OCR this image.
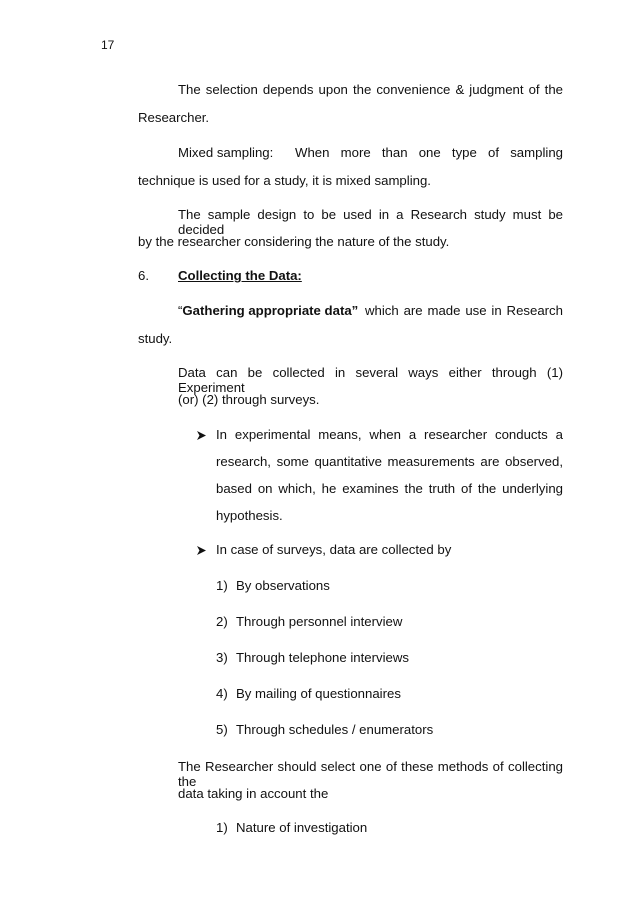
17
The selection depends upon the convenience & judgment of the
Researcher.
Mixed sampling: When more than one type of sampling
technique is used for a study, it is mixed sampling.
The sample design to be used in a Research study must be decided
by the researcher considering the nature of the study.
6. Collecting the Data:
“Gathering appropriate data” which are made use in Research
study.
Data can be collected in several ways either through (1) Experiment
(or) (2) through surveys.
In experimental means, when a researcher conducts a
research, some quantitative measurements are observed,
based on which, he examines the truth of the underlying
hypothesis.
In case of surveys, data are collected by
1) By observations
2) Through personnel interview
3) Through telephone interviews
4) By mailing of questionnaires
5) Through schedules / enumerators
The Researcher should select one of these methods of collecting the
data taking in account the
1) Nature of investigation
